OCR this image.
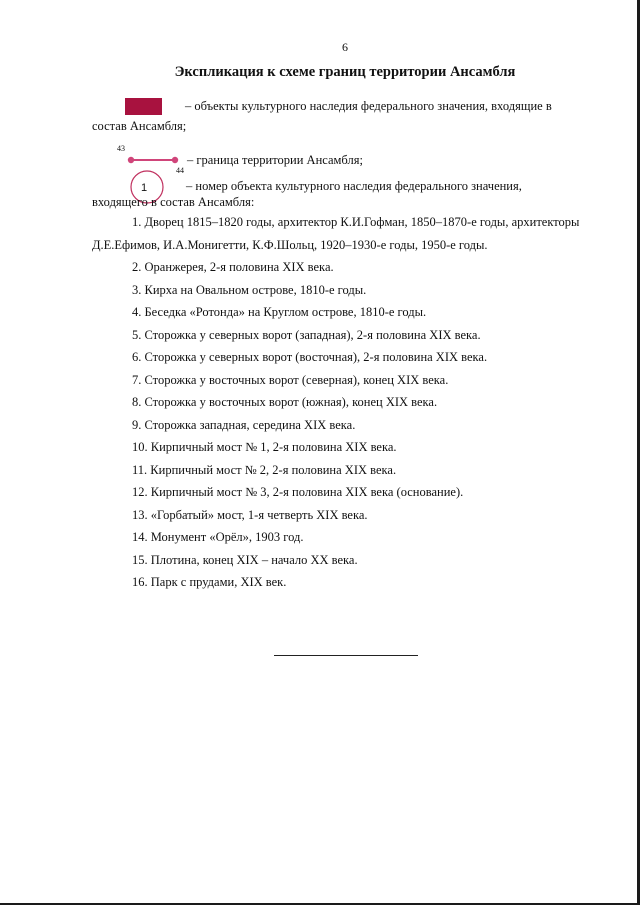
6
Экспликация к схеме границ территории Ансамбля
– объекты культурного наследия федерального значения, входящие в
состав Ансамбля;
43
44
– граница территории Ансамбля;
1	– номер объекта культурного наследия федерального значения,
входящего в состав Ансамбля:
1. Дворец 1815–1820 годы, архитектор К.И.Гофман, 1850–1870-е годы, архитекторы Д.Е.Ефимов, И.А.Монигетти, К.Ф.Шольц, 1920–1930-е годы, 1950-е годы.
2. Оранжерея, 2-я половина XIX века.
3. Кирха на Овальном острове, 1810-е годы.
4. Беседка «Ротонда» на Круглом острове, 1810-е годы.
5. Сторожка у северных ворот (западная), 2-я половина XIX века.
6. Сторожка у северных ворот (восточная), 2-я половина XIX века.
7. Сторожка у восточных ворот (северная), конец XIX века.
8. Сторожка у восточных ворот (южная), конец XIX века.
9. Сторожка западная, середина XIX века.
10. Кирпичный мост № 1, 2-я половина XIX века.
11. Кирпичный мост № 2, 2-я половина XIX века.
12. Кирпичный мост № 3, 2-я половина XIX века (основание).
13. «Горбатый» мост, 1-я четверть XIX века.
14. Монумент «Орёл», 1903 год.
15. Плотина, конец XIX – начало XX века.
16. Парк с прудами, XIX век.
